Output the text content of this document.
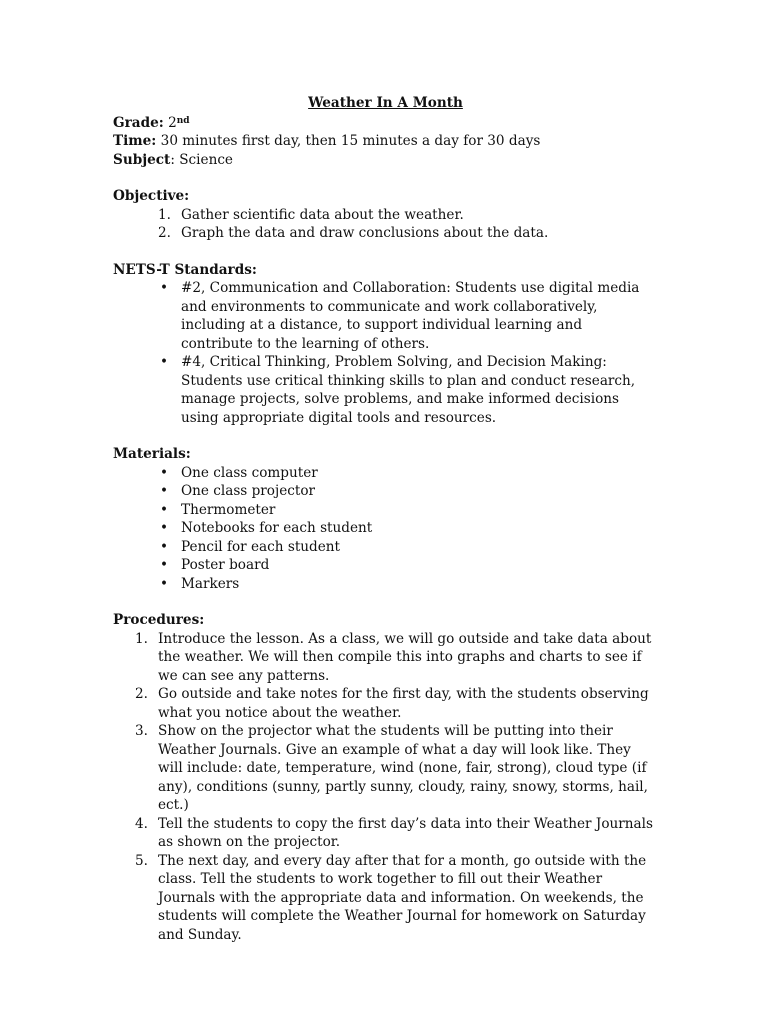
Weather In A Month
Grade: 2nd
Time: 30 minutes first day, then 15 minutes a day for 30 days
Subject: Science
Objective:
1. Gather scientific data about the weather.
2. Graph the data and draw conclusions about the data.
NETS-T Standards:
• #2, Communication and Collaboration: Students use digital media and environments to communicate and work collaboratively, including at a distance, to support individual learning and contribute to the learning of others.
• #4, Critical Thinking, Problem Solving, and Decision Making: Students use critical thinking skills to plan and conduct research, manage projects, solve problems, and make informed decisions using appropriate digital tools and resources.
Materials:
• One class computer
• One class projector
• Thermometer
• Notebooks for each student
• Pencil for each student
• Poster board
• Markers
Procedures:
1. Introduce the lesson. As a class, we will go outside and take data about the weather. We will then compile this into graphs and charts to see if we can see any patterns.
2. Go outside and take notes for the first day, with the students observing what you notice about the weather.
3. Show on the projector what the students will be putting into their Weather Journals. Give an example of what a day will look like. They will include: date, temperature, wind (none, fair, strong), cloud type (if any), conditions (sunny, partly sunny, cloudy, rainy, snowy, storms, hail, ect.)
4. Tell the students to copy the first day’s data into their Weather Journals as shown on the projector.
5. The next day, and every day after that for a month, go outside with the class. Tell the students to work together to fill out their Weather Journals with the appropriate data and information. On weekends, the students will complete the Weather Journal for homework on Saturday and Sunday.
